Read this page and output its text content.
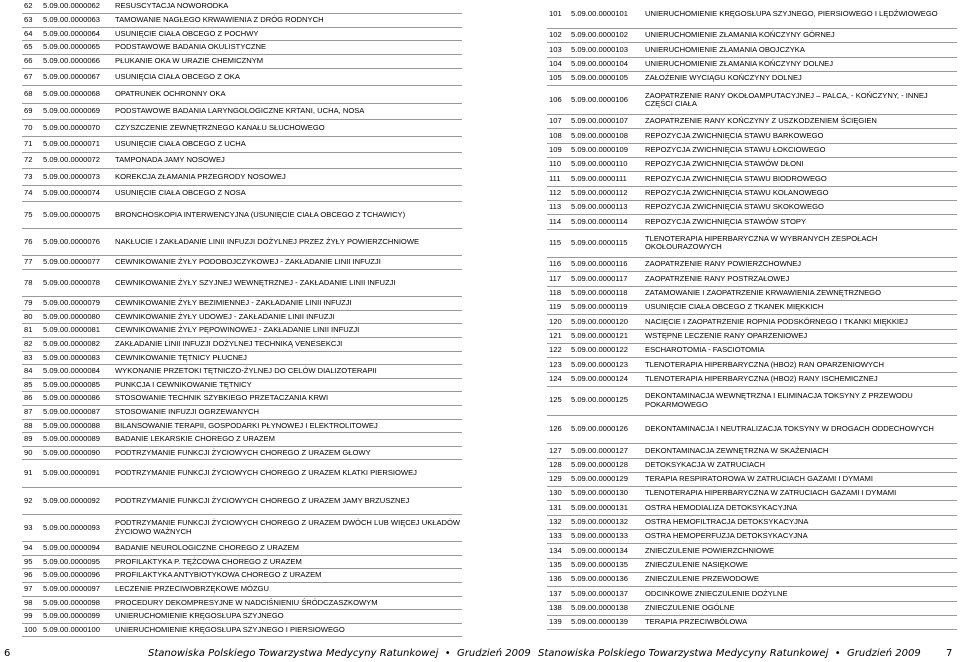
62	5.09.00.0000062	RESUSCYTACJA NOWORODKA
63	5.09.00.0000063	TAMOWANIE NAGŁEGO KRWAWIENIA Z DRÓG RODNYCH
64	5.09.00.0000064	USUNIĘCIE CIAŁA OBCEGO Z POCHWY
65	5.09.00.0000065	PODSTAWOWE BADANIA OKULISTYCZNE
66	5.09.00.0000066	PŁUKANIE OKA W URAZIE CHEMICZNYM
67	5.09.00.0000067	USUNIĘCIA CIAŁA OBCEGO Z OKA
68	5.09.00.0000068	OPATRUNEK OCHRONNY OKA
69	5.09.00.0000069	PODSTAWOWE BADANIA LARYNGOLOGICZNE KRTANI, UCHA, NOSA
70	5.09.00.0000070	CZYSZCZENIE ZEWNĘTRZNEGO KANAŁU SŁUCHOWEGO
71	5.09.00.0000071	USUNIĘCIE CIAŁA OBCEGO Z UCHA
72	5.09.00.0000072	TAMPONADA JAMY NOSOWEJ
73	5.09.00.0000073	KOREKCJA ZŁAMANIA PRZEGRODY NOSOWEJ
74	5.09.00.0000074	USUNIĘCIE CIAŁA OBCEGO Z NOSA
75	5.09.00.0000075	BRONCHOSKOPIA INTERWENCYJNA (USUNIĘCIE CIAŁA OBCEGO Z TCHAWICY)
76	5.09.00.0000076	NAKŁUCIE I ZAKŁADANIE LINII INFUZJI DOŻYLNEJ PRZEZ ŻYŁY POWIERZCHNIOWE
77	5.09.00.0000077	CEWNIKOWANIE ŻYŁY PODOBOJCZYKOWEJ - ZAKŁADANIE LINII INFUZJI
78	5.09.00.0000078	CEWNIKOWANIE ŻYŁY SZYJNEJ WEWNĘTRZNEJ - ZAKŁADANIE LINII INFUZJI
79	5.09.00.0000079	CEWNIKOWANIE ŻYŁY BEZIMIENNEJ - ZAKŁADANIE LINII INFUZJI
80	5.09.00.0000080	CEWNIKOWANIE ŻYŁY UDOWEJ - ZAKŁADANIE LINII INFUZJI
81	5.09.00.0000081	CEWNIKOWANIE ŻYŁY PĘPOWINOWEJ - ZAKŁADANIE LINII INFUZJI
82	5.09.00.0000082	ZAKŁADANIE LINII INFUZJI DOŻYLNEJ TECHNIKĄ VENESEKCJI
83	5.09.00.0000083	CEWNIKOWANIE TĘTNICY PŁUCNEJ
84	5.09.00.0000084	WYKONANIE PRZETOKI TĘTNICZO-ŻYLNEJ DO CELÓW DIALIZOTERAPII
85	5.09.00.0000085	PUNKCJA I CEWNIKOWANIE TĘTNICY
86	5.09.00.0000086	STOSOWANIE TECHNIK SZYBKIEGO PRZETACZANIA KRWI
87	5.09.00.0000087	STOSOWANIE INFUZJI OGRZEWANYCH
88	5.09.00.0000088	BILANSOWANIE TERAPII, GOSPODARKI PŁYNOWEJ I ELEKTROLITOWEJ
89	5.09.00.0000089	BADANIE LEKARSKIE CHOREGO Z URAZEM
90	5.09.00.0000090	PODTRZYMANIE FUNKCJI ŻYCIOWYCH CHOREGO Z URAZEM GŁOWY
91	5.09.00.0000091	PODTRZYMANIE FUNKCJI ŻYCIOWYCH CHOREGO Z URAZEM KLATKI PIERSIOWEJ
92	5.09.00.0000092	PODTRZYMANIE FUNKCJI ŻYCIOWYCH CHOREGO Z URAZEM JAMY BRZUSZNEJ
93	5.09.00.0000093	PODTRZYMANIE FUNKCJI ŻYCIOWYCH CHOREGO Z URAZEM DWÓCH LUB WIĘCEJ UKŁADÓW ŻYCIOWO WAŻNYCH
94	5.09.00.0000094	BADANIE NEUROLOGICZNE CHOREGO Z URAZEM
95	5.09.00.0000095	PROFILAKTYKA P. TĘŻCOWA CHOREGO Z URAZEM
96	5.09.00.0000096	PROFILAKTYKA ANTYBIOTYKOWA CHOREGO Z URAZEM
97	5.09.00.0000097	LECZENIE PRZECIWOBRZĘKOWE MÓZGU
98	5.09.00.0000098	PROCEDURY DEKOMPRESYJNE W NADCIŚNIENIU ŚRÓDCZASZKOWYM
99	5.09.00.0000099	UNIERUCHOMIENIE KRĘGOSŁUPA SZYJNEGO
100	5.09.00.0000100	UNIERUCHOMIENIE KRĘGOSŁUPA SZYJNEGO I PIERSIOWEGO
101	5.09.00.0000101	UNIERUCHOMIENIE KRĘGOSŁUPA SZYJNEGO, PIERSIOWEGO I LĘDŹWIOWEGO
102	5.09.00.0000102	UNIERUCHOMIENIE ZŁAMANIA KOŃCZYNY GÓRNEJ
103	5.09.00.0000103	UNIERUCHOMIENIE ZŁAMANIA OBOJCZYKA
104	5.09.00.0000104	UNIERUCHOMIENIE ZŁAMANIA KOŃCZYNY DOLNEJ
105	5.09.00.0000105	ZAŁOŻENIE WYCIĄGU KOŃCZYNY DOLNEJ
106	5.09.00.0000106	ZAOPATRZENIE RANY OKOŁOAMPUTACYJNEJ – PALCA, - KOŃCZYNY, - INNEJ CZĘŚCI CIAŁA
107	5.09.00.0000107	ZAOPATRZENIE RANY KOŃCZYNY Z USZKODZENIEM ŚCIĘGIEN
108	5.09.00.0000108	REPOZYCJA ZWICHNIĘCIA STAWU BARKOWEGO
109	5.09.00.0000109	REPOZYCJA ZWICHNIĘCIA STAWU ŁOKCIOWEGO
110	5.09.00.0000110	REPOZYCJA ZWICHNIĘCIA STAWÓW DŁONI
111	5.09.00.0000111	REPOZYCJA ZWICHNIĘCIA STAWU BIODROWEGO
112	5.09.00.0000112	REPOZYCJA ZWICHNIĘCIA STAWU KOLANOWEGO
113	5.09.00.0000113	REPOZYCJA ZWICHNIĘCIA STAWU SKOKOWEGO
114	5.09.00.0000114	REPOZYCJA ZWICHNIĘCIA STAWÓW STOPY
115	5.09.00.0000115	TLENOTERAPIA HIPERBARYCZNA W WYBRANYCH ZESPOŁACH OKOŁOURAZOWYCH
116	5.09.00.0000116	ZAOPATRZENIE RANY POWIERZCHOWNEJ
117	5.09.00.0000117	ZAOPATRZENIE RANY POSTRZAŁOWEJ
118	5.09.00.0000118	ZATAMOWANIE I ZAOPATRZENIE KRWAWIENIA ZEWNĘTRZNEGO
119	5.09.00.0000119	USUNIĘCIE CIAŁA OBCEGO Z TKANEK MIĘKKICH
120	5.09.00.0000120	NACIĘCIE I ZAOPATRZENIE ROPNIA PODSKÓRNEGO I TKANKI MIĘKKIEJ
121	5.09.00.0000121	WSTĘPNE LECZENIE RANY OPARZENIOWEJ
122	5.09.00.0000122	ESCHAROTOMIA - FASCIOTOMIA
123	5.09.00.0000123	TLENOTERAPIA HIPERBARYCZNA (HBO2) RAN OPARZENIOWYCH
124	5.09.00.0000124	TLENOTERAPIA HIPERBARYCZNA (HBO2) RANY ISCHEMICZNEJ
125	5.09.00.0000125	DEKONTAMINACJA WEWNĘTRZNA I ELIMINACJA TOKSYNY Z PRZEWODU POKARMOWEGO
126	5.09.00.0000126	DEKONTAMINACJA I NEUTRALIZACJA TOKSYNY W DROGACH ODDECHOWYCH
127	5.09.00.0000127	DEKONTAMINACJA ZEWNĘTRZNA W SKAŻENIACH
128	5.09.00.0000128	DETOKSYKACJA W ZATRUCIACH
129	5.09.00.0000129	TERAPIA RESPIRATOROWA W ZATRUCIACH GAZAMI I DYMAMI
130	5.09.00.0000130	TLENOTERAPIA HIPERBARYCZNA W ZATRUCIACH GAZAMI I DYMAMI
131	5.09.00.0000131	OSTRA HEMODIALIZA DETOKSYKACYJNA
132	5.09.00.0000132	OSTRA HEMOFILTRACJA DETOKSYKACYJNA
133	5.09.00.0000133	OSTRA HEMOPERFUZJA DETOKSYKACYJNA
134	5.09.00.0000134	ZNIECZULENIE POWIERZCHNIOWE
135	5.09.00.0000135	ZNIECZULENIE NASIĘKOWE
136	5.09.00.0000136	ZNIECZULENIE PRZEWODOWE
137	5.09.00.0000137	ODCINKOWE ZNIECZULENIE DOŻYLNE
138	5.09.00.0000138	ZNIECZULENIE OGÓLNE
139	5.09.00.0000139	TERAPIA PRZECIWBÓLOWA
6	Stanowiska Polskiego Towarzystwa Medycyny Ratunkowej  •  Grudzień 2009 Stanowiska Polskiego Towarzystwa Medycyny Ratunkowej  •  Grudzień 2009	7
